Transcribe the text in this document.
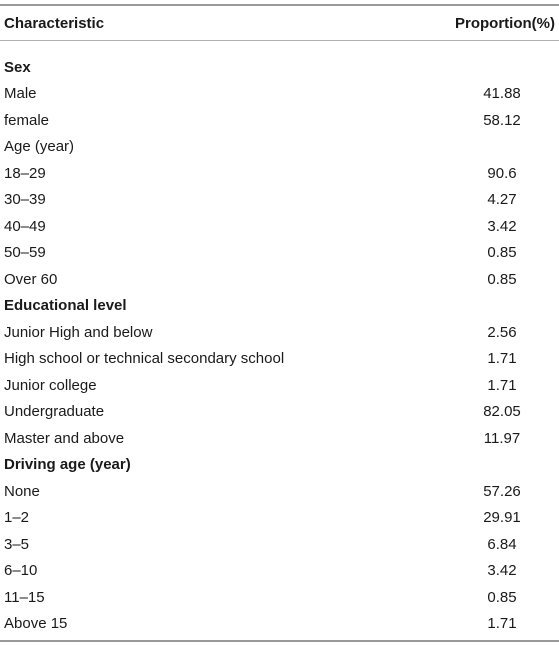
Characteristic	Proportion(%)
Sex
Male	41.88
female	58.12
Age (year)
18–29	90.6
30–39	4.27
40–49	3.42
50–59	0.85
Over 60	0.85
Educational level
Junior High and below	2.56
High school or technical secondary school	1.71
Junior college	1.71
Undergraduate	82.05
Master and above	11.97
Driving age (year)
None	57.26
1–2	29.91
3–5	6.84
6–10	3.42
11–15	0.85
Above 15	1.71
